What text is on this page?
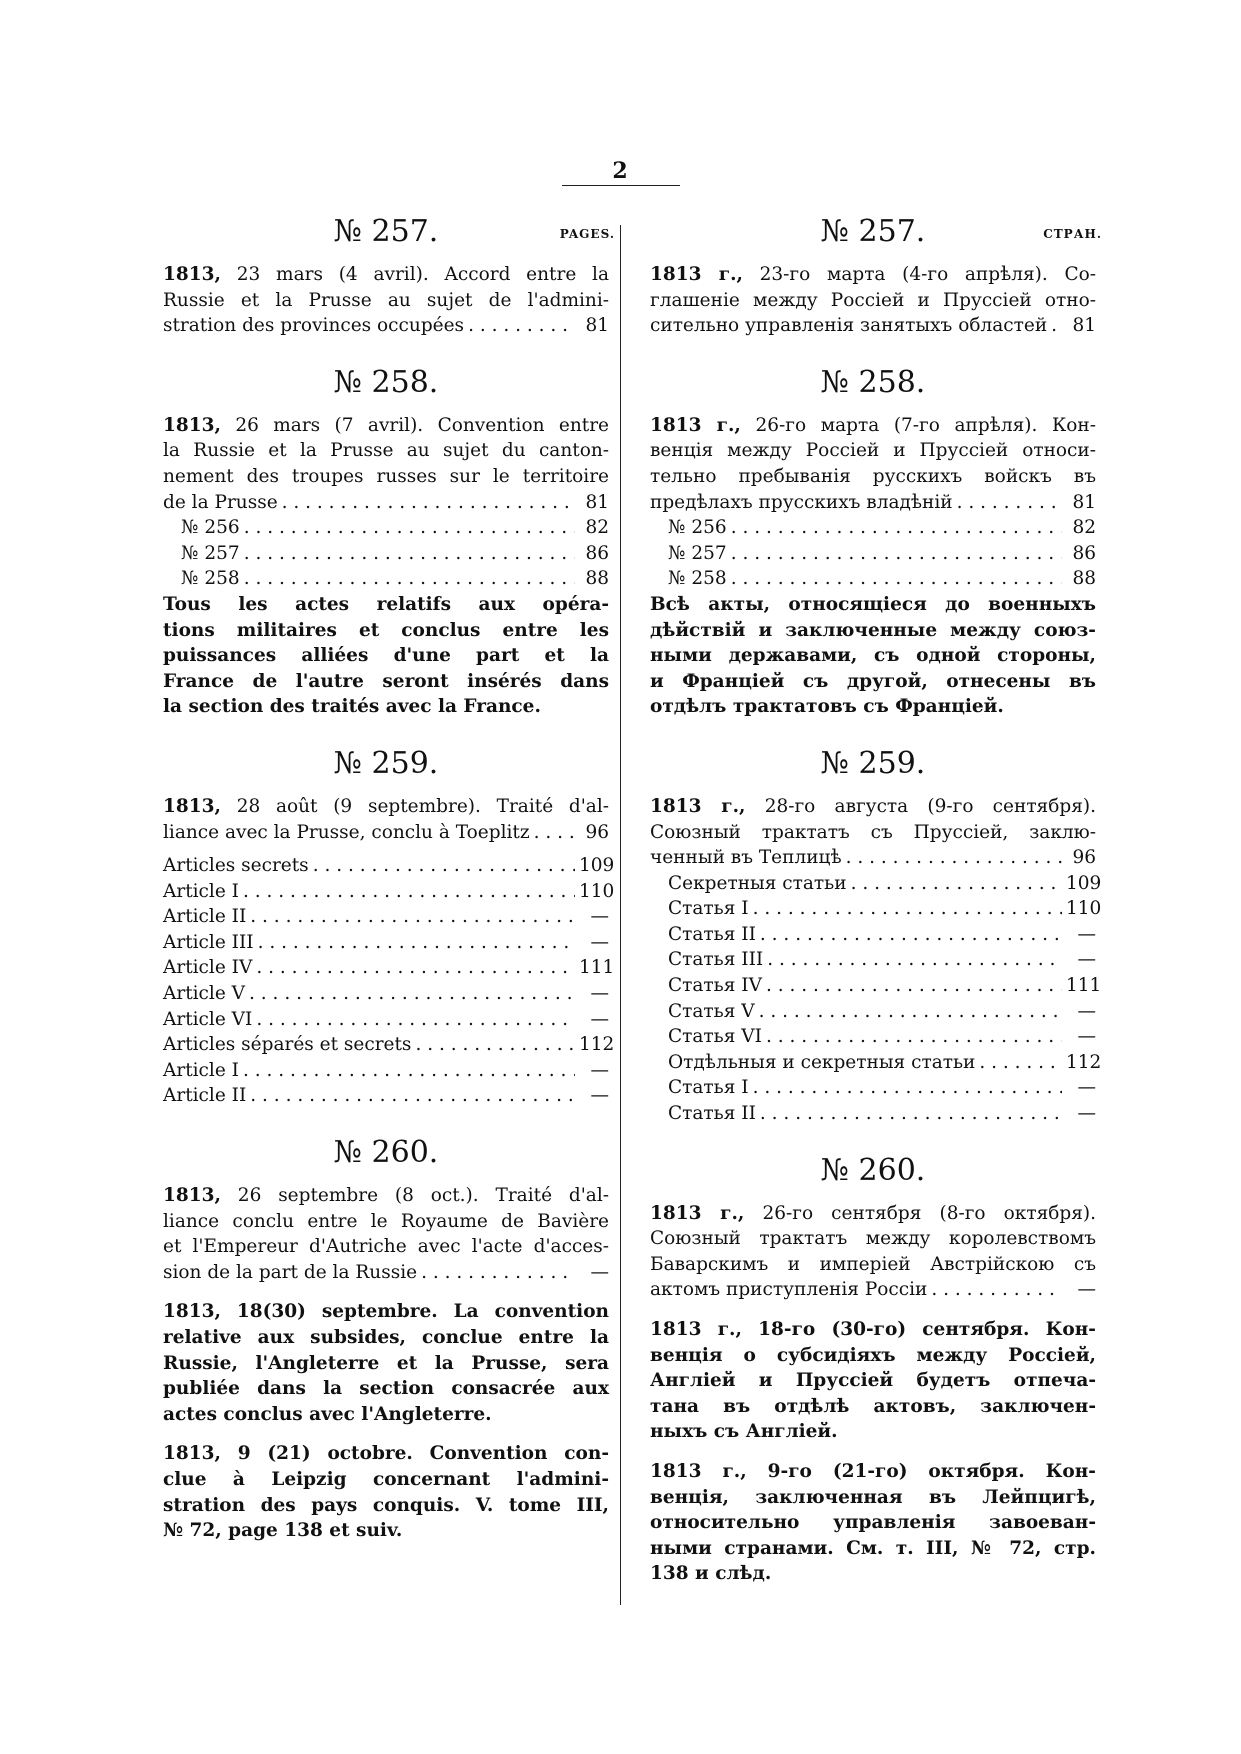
2
№ 257.	PAGES.
1813, 23 mars (4 avril). Accord entre la
Russie et la Prusse au sujet de l'admini-
stration des provinces occupées . . .	81
№ 258.
1813, 26 mars (7 avril). Convention entre
la Russie et la Prusse au sujet du canton-
nement des troupes russes sur le territoire
de la Prusse . . .	81
№ 256 . . .	82
№ 257 . . .	86
№ 258 . . .	88
Tous les actes relatifs aux opéra-
tions militaires et conclus entre les
puissances alliées d'une part et la
France de l'autre seront insérés dans
la section des traités avec la France.
№ 259.
1813, 28 août (9 septembre). Traité d'al-
liance avec la Prusse, conclu à Toeplitz . . .	96
Articles secrets . . .	109
Article I . . .	110
Article II . . .	—
Article III . . .	—
Article IV . . .	111
Article V . . .	—
Article VI . . .	—
Articles séparés et secrets . . .	112
Article I . . .	—
Article II . . .	—
№ 260.
1813, 26 septembre (8 oct.). Traité d'al-
liance conclu entre le Royaume de Bavière
et l'Empereur d'Autriche avec l'acte d'acces-
sion de la part de la Russie . . .	—
1813, 18(30) septembre. La convention
relative aux subsides, conclue entre la
Russie, l'Angleterre et la Prusse, sera
publiée dans la section consacrée aux
actes conclus avec l'Angleterre.
1813, 9 (21) octobre. Convention con-
clue à Leipzig concernant l'admini-
stration des pays conquis. V. tome III,
№ 72, page 138 et suiv.
№ 257.	СТРАН.
1813 г., 23-го марта (4-го апрѣля). Со-
глашеніе между Россіей и Пруссіей отно-
сительно управленія занятыхъ областей . . .	81
№ 258.
1813 г., 26-го марта (7-го апрѣля). Кон-
венція между Россіей и Пруссіей относи-
тельно пребыванія русскихъ войскъ въ
предѣлахъ прусскихъ владѣній . . .	81
№ 256 . . .	82
№ 257 . . .	86
№ 258 . . .	88
Всѣ акты, относящіеся до военныхъ
дѣйствій и заключенные между союз-
ными державами, съ одной стороны,
и Франціей съ другой, отнесены въ
отдѣлъ трактатовъ съ Франціей.
№ 259.
1813 г., 28-го августа (9-го сентября).
Союзный трактатъ съ Пруссіей, заклю-
ченный въ Теплицѣ . . .	96
Секретныя статьи . . .	109
Статья I . . .	110
Статья II . . .	—
Статья III . . .	—
Статья IV . . .	111
Статья V . . .	—
Статья VI . . .	—
Отдѣльныя и секретныя статьи . . .	112
Статья I . . .	—
Статья II . . .	—
№ 260.
1813 г., 26-го сентября (8-го октября).
Союзный трактатъ между королевствомъ
Баварскимъ и имперіей Австрійскою съ
актомъ приступленія Россіи . . .	—
1813 г., 18-го (30-го) сентября. Кон-
венція о субсидіяхъ между Россіей,
Англіей и Пруссіей будетъ отпеча-
тана въ отдѣлѣ актовъ, заключен-
ныхъ съ Англіей.
1813 г., 9-го (21-го) октября. Кон-
венція, заключенная въ Лейпцигѣ,
относительно управленія завоеван-
ными странами. См. т. III, № 72, стр.
138 и слѣд.
